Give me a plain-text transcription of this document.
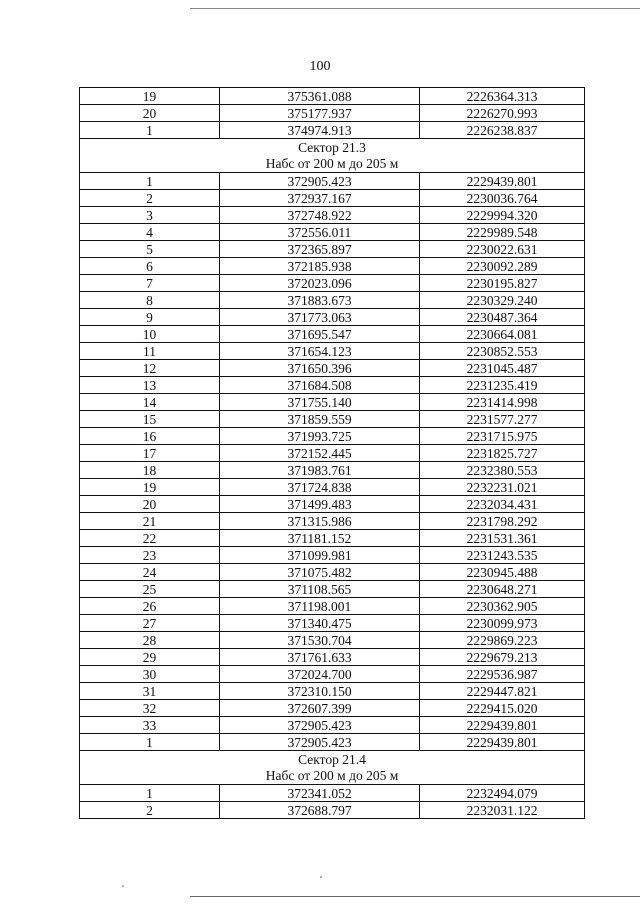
100
19	375361.088	2226364.313
20	375177.937	2226270.993
1	374974.913	2226238.837

Сектор 21.3
Набс от 200 м до 205 м		

1	372905.423	2229439.801
2	372937.167	2230036.764
3	372748.922	2229994.320
4	372556.011	2229989.548
5	372365.897	2230022.631
6	372185.938	2230092.289
7	372023.096	2230195.827
8	371883.673	2230329.240
9	371773.063	2230487.364
10	371695.547	2230664.081
11	371654.123	2230852.553
12	371650.396	2231045.487
13	371684.508	2231235.419
14	371755.140	2231414.998
15	371859.559	2231577.277
16	371993.725	2231715.975
17	372152.445	2231825.727
18	371983.761	2232380.553
19	371724.838	2232231.021
20	371499.483	2232034.431
21	371315.986	2231798.292
22	371181.152	2231531.361
23	371099.981	2231243.535
24	371075.482	2230945.488
25	371108.565	2230648.271
26	371198.001	2230362.905
27	371340.475	2230099.973
28	371530.704	2229869.223
29	371761.633	2229679.213
30	372024.700	2229536.987
31	372310.150	2229447.821
32	372607.399	2229415.020
33	372905.423	2229439.801
1	372905.423	2229439.801

Сектор 21.4
Набс от 200 м до 205 м		

1	372341.052	2232494.079
2	372688.797	2232031.122
